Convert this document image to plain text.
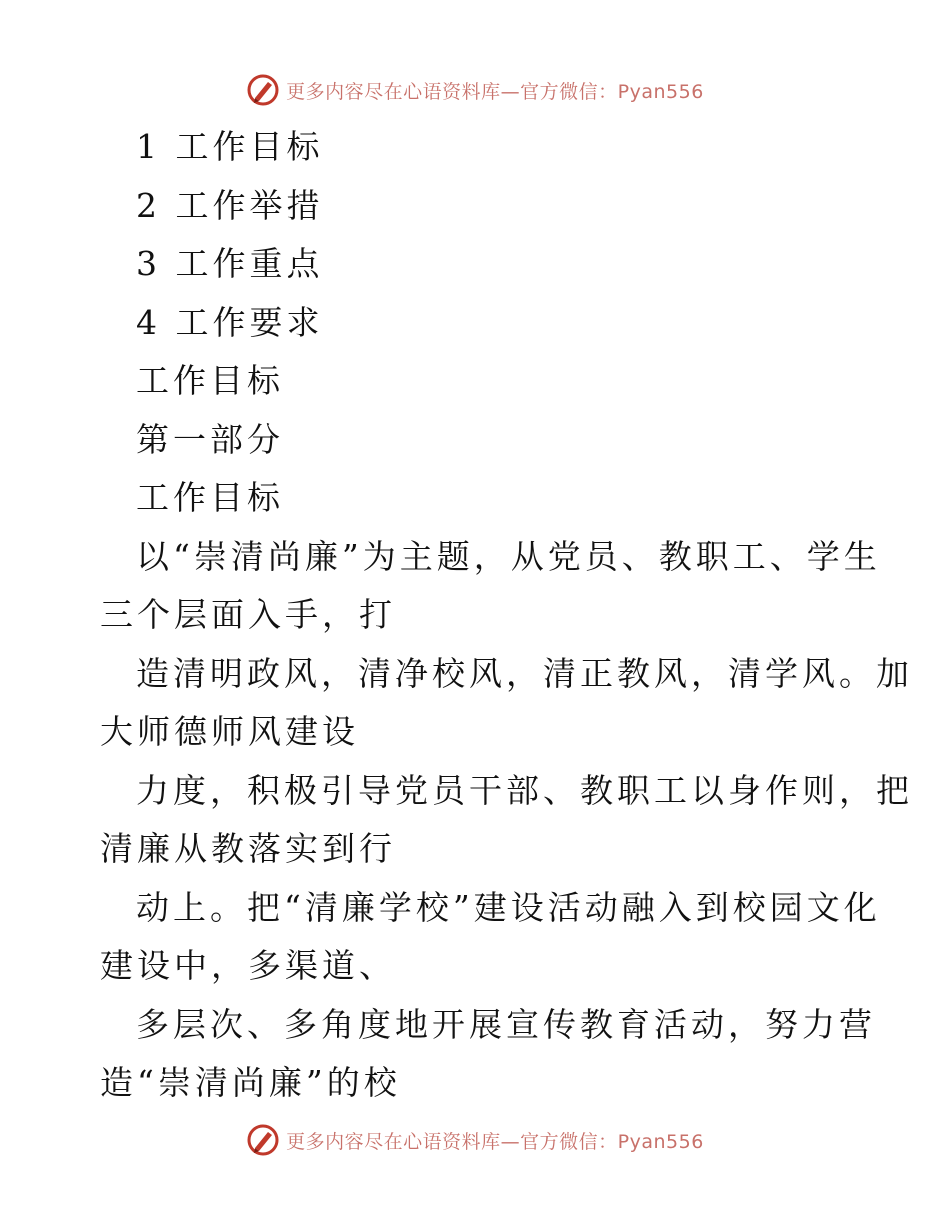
更多内容尽在心语资料库—官方微信：Pyan556
1 工作目标
2 工作举措
3 工作重点
4 工作要求
工作目标
第一部分
工作目标
以“崇清尚廉”为主题，从党员、教职工、学生
三个层面入手，打
造清明政风，清净校风，清正教风，清学风。加
大师德师风建设
力度，积极引导党员干部、教职工以身作则，把
清廉从教落实到行
动上。把“清廉学校”建设活动融入到校园文化
建设中，多渠道、
多层次、多角度地开展宣传教育活动，努力营
造“崇清尚廉”的校
更多内容尽在心语资料库—官方微信：Pyan556
